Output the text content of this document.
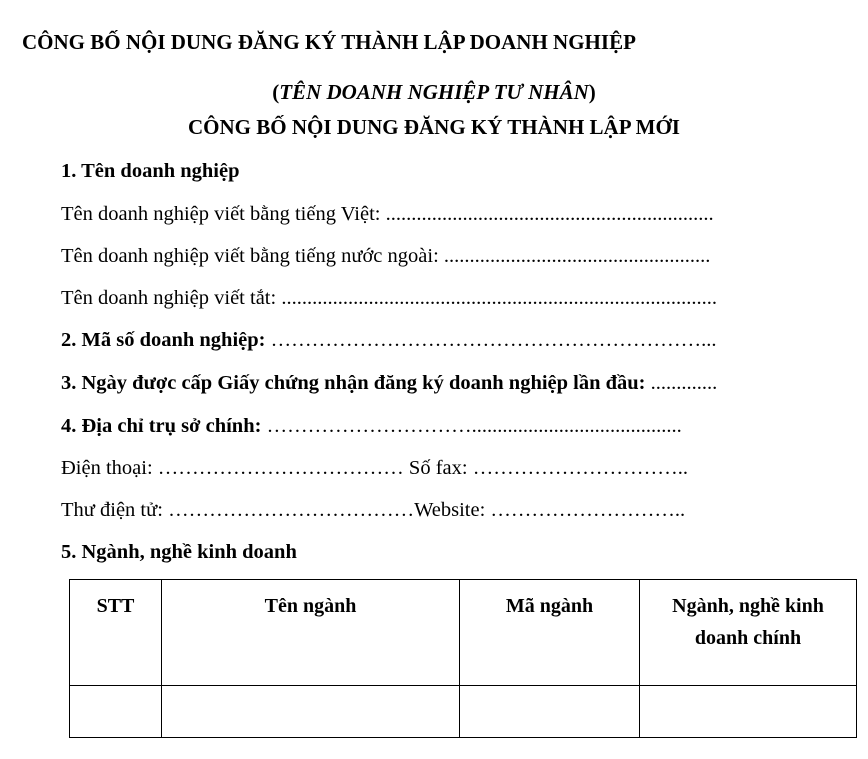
CÔNG BỐ NỘI DUNG ĐĂNG KÝ THÀNH LẬP DOANH NGHIỆP
(TÊN DOANH NGHIỆP TƯ NHÂN)
CÔNG BỐ NỘI DUNG ĐĂNG KÝ THÀNH LẬP MỚI
1. Tên doanh nghiệp
Tên doanh nghiệp viết bằng tiếng Việt: ................................................................
Tên doanh nghiệp viết bằng tiếng nước ngoài: ....................................................
Tên doanh nghiệp viết tắt: .....................................................................................
2. Mã số doanh nghiệp: ………………………………………………………...
3. Ngày được cấp Giấy chứng nhận đăng ký doanh nghiệp lần đầu: .............
4. Địa chỉ trụ sở chính: ………………………….........................................
Điện thoại: ……………………………… Số fax: …………………………..
Thư điện tử: ………………………………Website: ………………………..
5. Ngành, nghề kinh doanh
STT	Tên ngành	Mã ngành	Ngành, nghề kinh doanh chính
